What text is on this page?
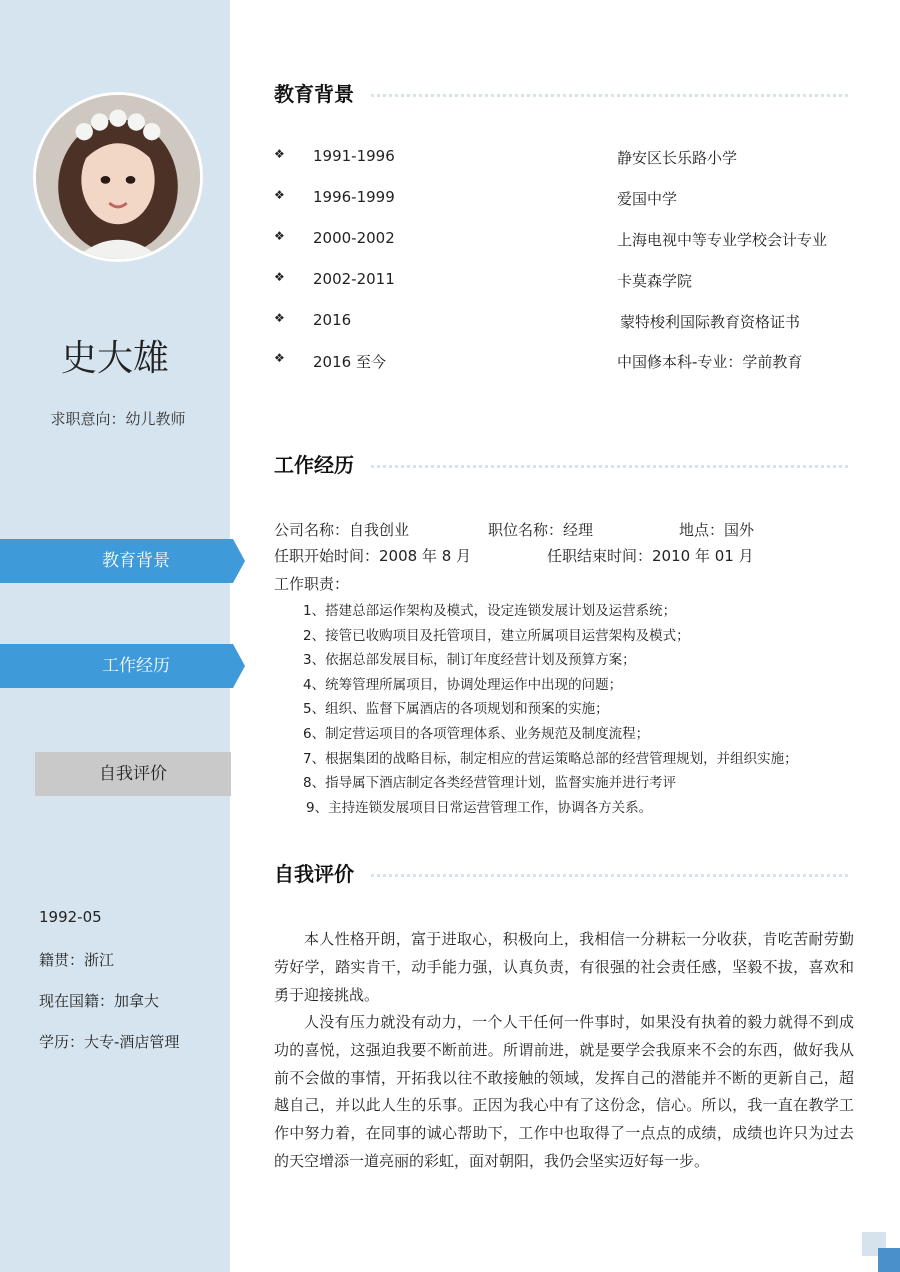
史大雄
求职意向：幼儿教师
教育背景
工作经历
自我评价
1992-05
籍贯：浙江
现在国籍：加拿大
学历：大专-酒店管理
教育背景
❖ 1991-1996	静安区长乐路小学
❖ 1996-1999	爱国中学
❖ 2000-2002	上海电视中等专业学校会计专业
❖ 2002-2011	卡莫森学院
❖ 2016	蒙特梭利国际教育资格证书
❖ 2016 至今	中国修本科-专业：学前教育
工作经历
公司名称：自我创业	职位名称：经理	地点：国外
任职开始时间：2008 年 8 月	任职结束时间：2010 年 01 月
工作职责：
1、搭建总部运作架构及模式，设定连锁发展计划及运营系统；
2、接管已收购项目及托管项目，建立所属项目运营架构及模式；
3、依据总部发展目标，制订年度经营计划及预算方案；
4、统筹管理所属项目，协调处理运作中出现的问题；
5、组织、监督下属酒店的各项规划和预案的实施；
6、制定营运项目的各项管理体系、业务规范及制度流程；
7、根据集团的战略目标，制定相应的营运策略总部的经营管理规划，并组织实施；
8、指导属下酒店制定各类经营管理计划，监督实施并进行考评
9、主持连锁发展项目日常运营管理工作，协调各方关系。
自我评价
本人性格开朗，富于进取心，积极向上，我相信一分耕耘一分收获，肯吃苦耐劳勤劳好学，踏实肯干，动手能力强，认真负责，有很强的社会责任感，坚毅不拔，喜欢和勇于迎接挑战。
人没有压力就没有动力，一个人干任何一件事时，如果没有执着的毅力就得不到成功的喜悦，这强迫我要不断前进。所谓前进，就是要学会我原来不会的东西，做好我从前不会做的事情，开拓我以往不敢接触的领域，发挥自己的潜能并不断的更新自己，超越自己，并以此人生的乐事。正因为我心中有了这份念，信心。所以，我一直在教学工作中努力着，在同事的诚心帮助下，工作中也取得了一点点的成绩，成绩也许只为过去的天空增添一道亮丽的彩虹，面对朝阳，我仍会坚实迈好每一步。
